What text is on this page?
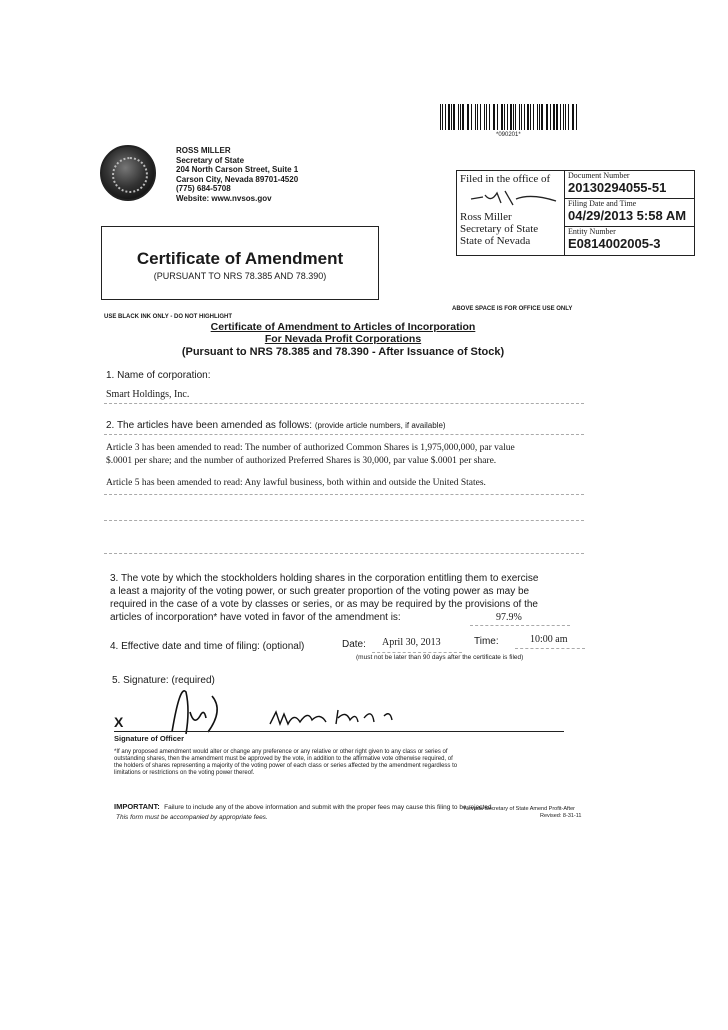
*090201*
ROSS MILLER
Secretary of State
204 North Carson Street, Suite 1
Carson City, Nevada 89701-4520
(775) 684-5708
Website: www.nvsos.gov
Filed in the office of
Ross Miller
Secretary of State
State of Nevada
Document Number
20130294055-51
Filing Date and Time
04/29/2013 5:58 AM
Entity Number
E0814002005-3
Certificate of Amendment
(PURSUANT TO NRS 78.385 AND 78.390)
USE BLACK INK ONLY - DO NOT HIGHLIGHT
ABOVE SPACE IS FOR OFFICE USE ONLY
Certificate of Amendment to Articles of Incorporation
For Nevada Profit Corporations
(Pursuant to NRS 78.385 and 78.390 - After Issuance of Stock)
1. Name of corporation:
Smart Holdings, Inc.
2. The articles have been amended as follows: (provide article numbers, if available)
Article 3 has been amended to read: The number of authorized Common Shares is 1,975,000,000, par value
$.0001 per share; and the number of authorized Preferred Shares is 30,000, par value $.0001 per share.
Article 5 has been amended to read: Any lawful business, both within and outside the United States.
3. The vote by which the stockholders holding shares in the corporation entitling them to exercise
a least a majority of the voting power, or such greater proportion of the voting power as may be
required in the case of a vote by classes or series, or as may be required by the provisions of the
articles of incorporation* have voted in favor of the amendment is:	97.9%
4. Effective date and time of filing: (optional)	Date: April 30, 2013	Time:	10:00 am
(must not be later than 90 days after the certificate is filed)
5. Signature: (required)
X
Signature of Officer
*If any proposed amendment would alter or change any preference or any relative or other right given to any class or series of
outstanding shares, then the amendment must be approved by the vote, in addition to the affirmative vote otherwise required, of
the holders of shares representing a majority of the voting power of each class or series affected by the amendment regardless to
limitations or restrictions on the voting power thereof.
IMPORTANT: Failure to include any of the above information and submit with the proper fees may cause this filing to be rejected.
This form must be accompanied by appropriate fees.
Nevada Secretary of State Amend Profit-After
Revised: 8-31-11
